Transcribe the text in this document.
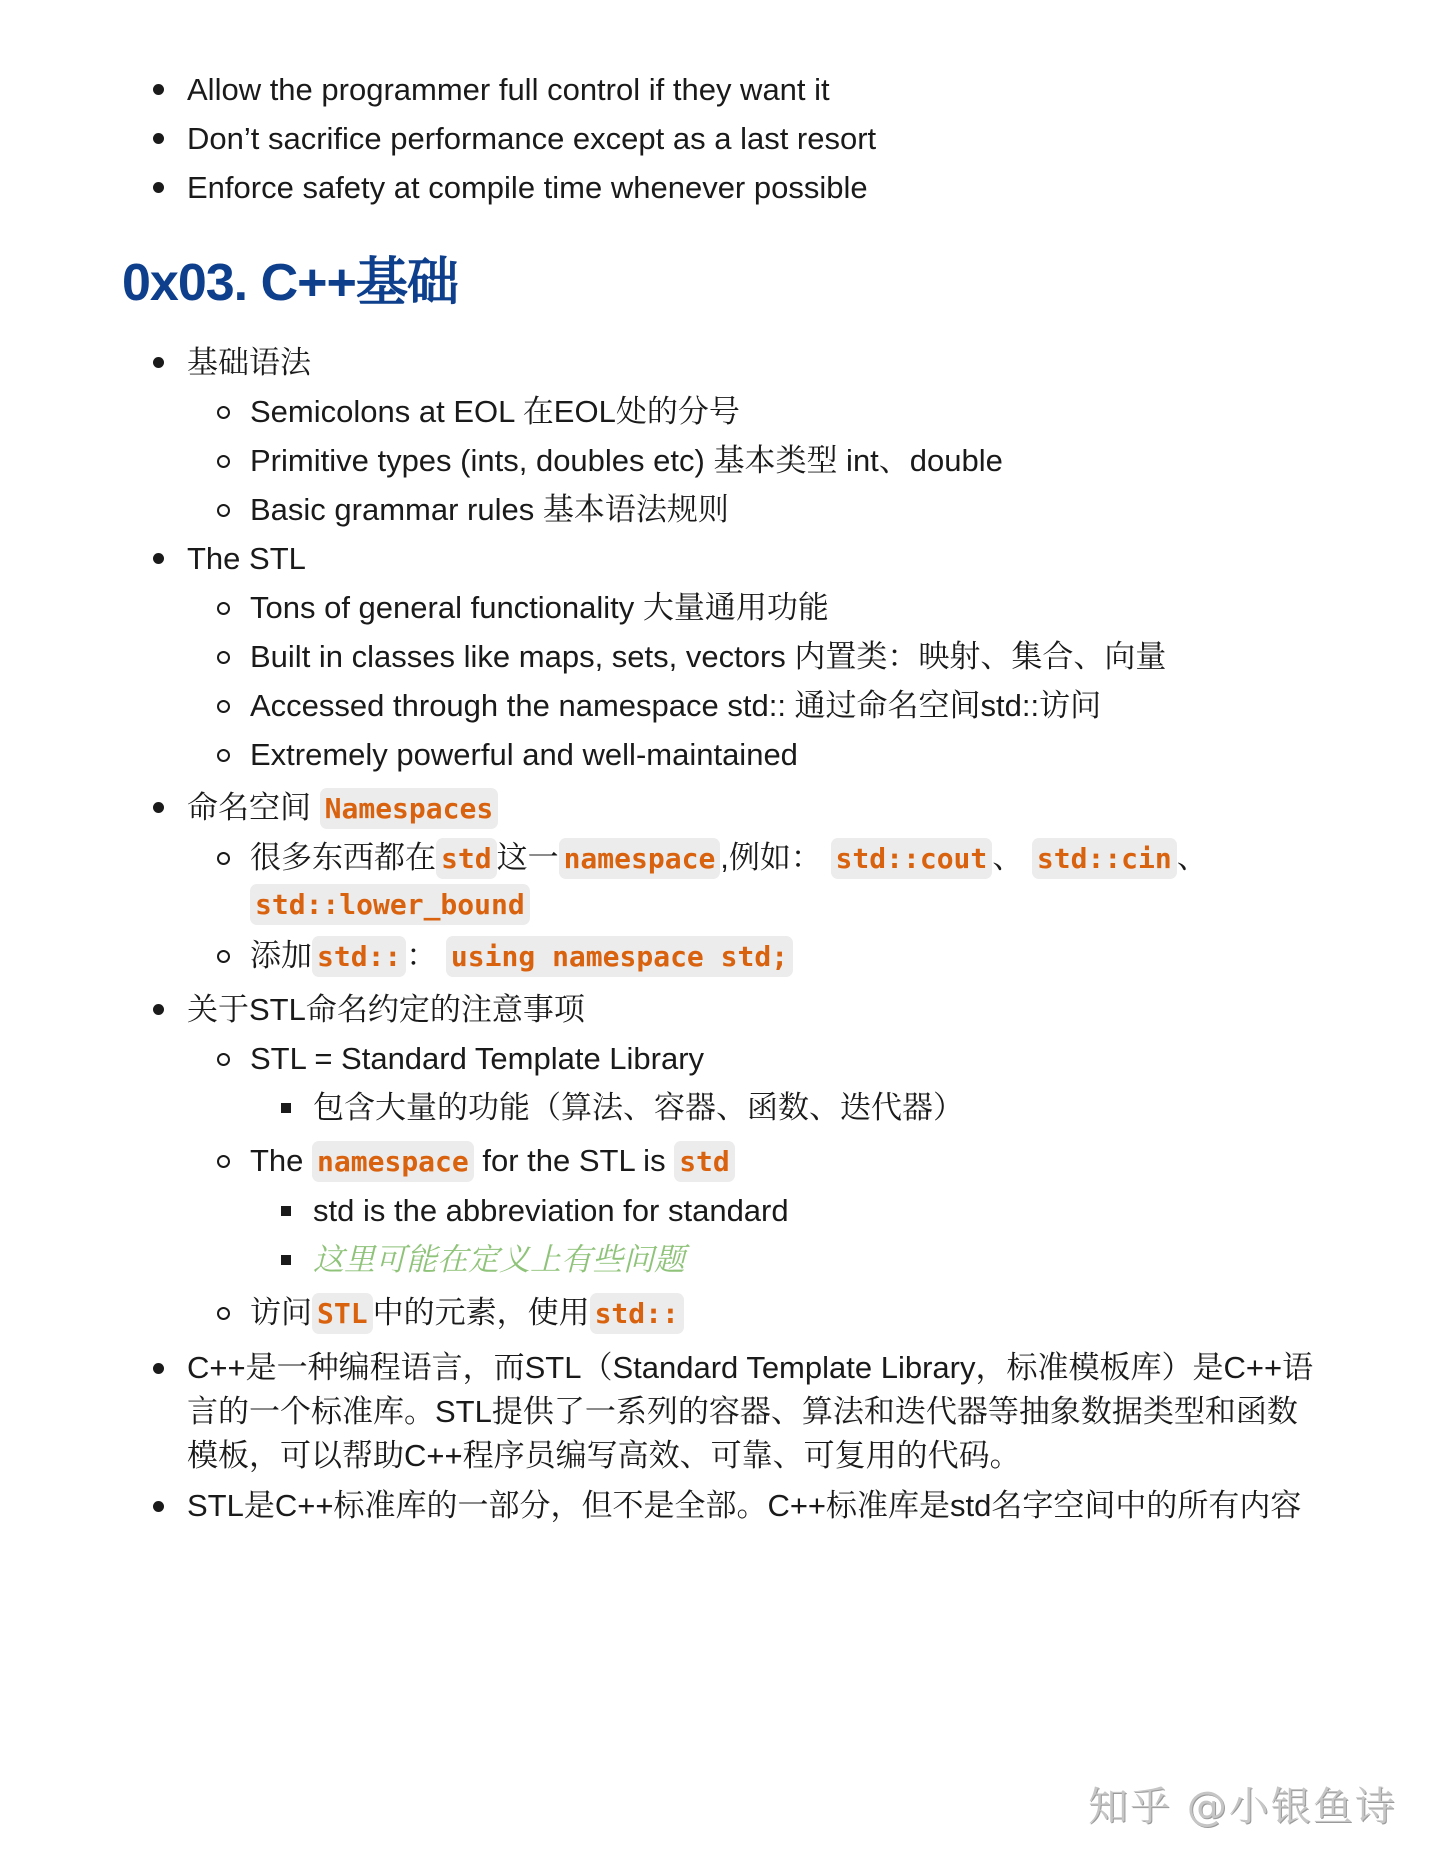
Allow the programmer full control if they want it
Don’t sacrifice performance except as a last resort
Enforce safety at compile time whenever possible
0x03. C++基础
基础语法
Semicolons at EOL 在EOL处的分号
Primitive types (ints, doubles etc) 基本类型 int、double
Basic grammar rules 基本语法规则
The STL
Tons of general functionality 大量通用功能
Built in classes like maps, sets, vectors 内置类：映射、集合、向量
Accessed through the namespace std:: 通过命名空间std::访问
Extremely powerful and well-maintained
命名空间 Namespaces
很多东西都在 std 这一 namespace ,例如： std::cout 、 std::cin 、 std::lower_bound
添加 std:: ： using namespace std;
关于STL命名约定的注意事项
STL = Standard Template Library
包含大量的功能（算法、容器、函数、迭代器）
The namespace for the STL is std
std is the abbreviation for standard
这里可能在定义上有些问题
访问 STL 中的元素，使用 std::
C++是一种编程语言，而STL（Standard Template Library，标准模板库）是C++语言的一个标准库。STL提供了一系列的容器、算法和迭代器等抽象数据类型和函数模板，可以帮助C++程序员编写高效、可靠、可复用的代码。
STL是C++标准库的一部分，但不是全部。C++标准库是std名字空间中的所有内容
知乎 @小银鱼诗
